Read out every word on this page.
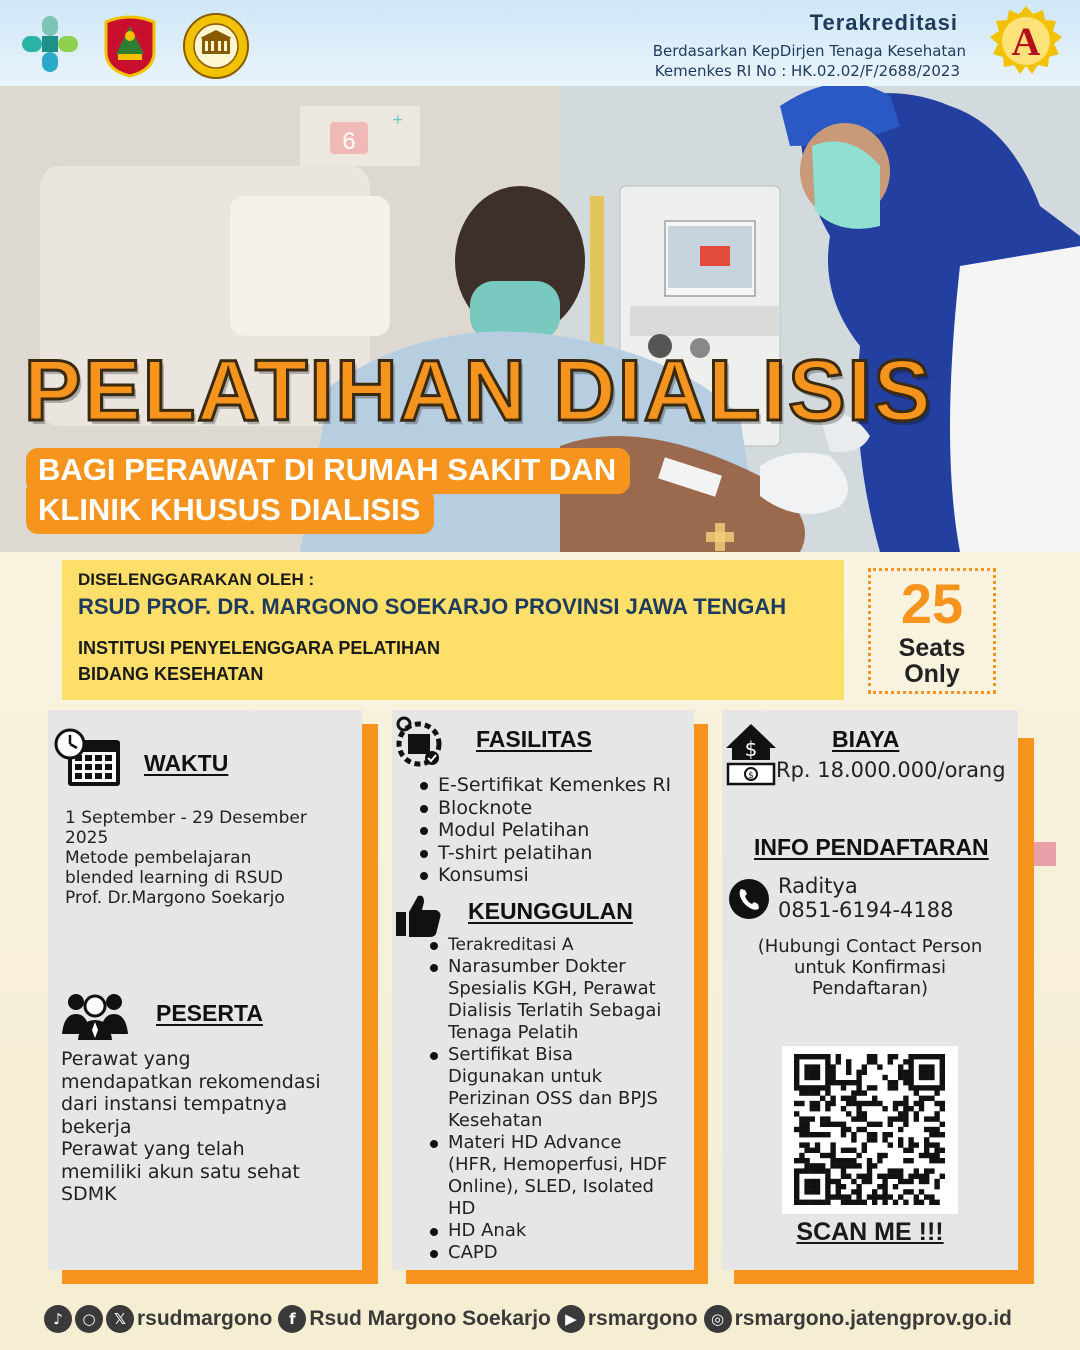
Terakreditasi
Berdasarkan KepDirjen Tenaga Kesehatan
Kemenkes RI No : HK.02.02/F/2688/2023
A
6
+
PELATIHAN DIALISIS
BAGI PERAWAT DI RUMAH SAKIT DAN
KLINIK KHUSUS DIALISIS
DISELENGGARAKAN OLEH :
RSUD PROF. DR. MARGONO SOEKARJO PROVINSI JAWA TENGAH
INSTITUSI PENYELENGGARA PELATIHAN
BIDANG KESEHATAN
25
Seats
Only
WAKTU
1 September - 29 Desember
2025
Metode pembelajaran
blended learning di RSUD
Prof. Dr.Margono Soekarjo
PESERTA
Perawat yang
mendapatkan rekomendasi
dari instansi tempatnya
bekerja
Perawat yang telah
memiliki akun satu sehat
SDMK
FASILITAS
E-Sertifikat Kemenkes RI
Blocknote
Modul Pelatihan
T-shirt pelatihan
Konsumsi
KEUNGGULAN
Terakreditasi A
Narasumber Dokter
Spesialis KGH, Perawat
Dialisis Terlatih Sebagai
Tenaga Pelatih
Sertifikat Bisa
Digunakan untuk
Perizinan OSS dan BPJS
Kesehatan
Materi HD Advance
(HFR, Hemoperfusi, HDF
Online), SLED, Isolated
HD
HD Anak
CAPD
$
$
BIAYA
Rp. 18.000.000/orang
INFO PENDAFTARAN
Raditya
0851-6194-4188
(Hubungi Contact Person
untuk Konfirmasi
Pendaftaran)
SCAN ME !!!
♪	○	𝕏 rsudmargono	f Rsud Margono Soekarjo ▶ rsmargono ◎ rsmargono.jatengprov.go.id
